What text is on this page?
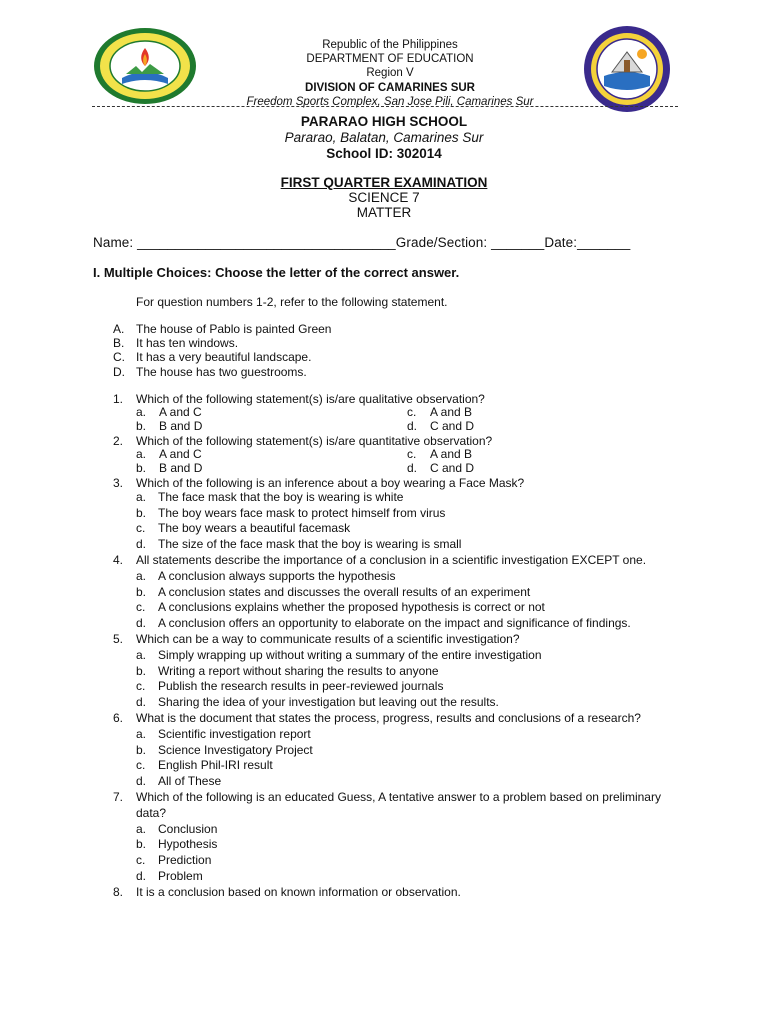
Republic of the Philippines
DEPARTMENT OF EDUCATION
Region V
DIVISION OF CAMARINES SUR
Freedom Sports Complex, San Jose Pili, Camarines Sur
PARARAO HIGH SCHOOL
Pararao, Balatan, Camarines Sur
School ID: 302014
FIRST QUARTER EXAMINATION
SCIENCE 7
MATTER
Name: __________________________________Grade/Section: _______Date:_______
I. Multiple Choices: Choose the letter of the correct answer.
For question numbers 1-2, refer to the following statement.
A. The house of Pablo is painted Green
B. It has ten windows.
C. It has a very beautiful landscape.
D. The house has two guestrooms.
1. Which of the following statement(s) is/are qualitative observation?
a. A and C	c. A and B
b. B and D	d. C and D
2. Which of the following statement(s) is/are quantitative observation?
a. A and C	c. A and B
b. B and D	d. C and D
3. Which of the following is an inference about a boy wearing a Face Mask?
a. The face mask that the boy is wearing is white
b. The boy wears face mask to protect himself from virus
c. The boy wears a beautiful facemask
d. The size of the face mask that the boy is wearing is small
4. All statements describe the importance of a conclusion in a scientific investigation EXCEPT one.
a. A conclusion always supports the hypothesis
b. A conclusion states and discusses the overall results of an experiment
c. A conclusions explains whether the proposed hypothesis is correct or not
d. A conclusion offers an opportunity to elaborate on the impact and significance of findings.
5. Which can be a way to communicate results of a scientific investigation?
a. Simply wrapping up without writing a summary of the entire investigation
b. Writing a report without sharing the results to anyone
c. Publish the research results in peer-reviewed journals
d. Sharing the idea of your investigation but leaving out the results.
6. What is the document that states the process, progress, results and conclusions of a research?
a. Scientific investigation report
b. Science Investigatory Project
c. English Phil-IRI result
d. All of These
7. Which of the following is an educated Guess, A tentative answer to a problem based on preliminary data?
a. Conclusion
b. Hypothesis
c. Prediction
d. Problem
8. It is a conclusion based on known information or observation.
